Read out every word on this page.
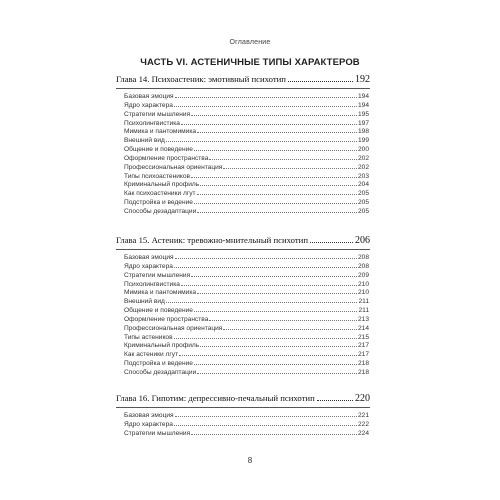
Оглавление
ЧАСТЬ VI. АСТЕНИЧНЫЕ ТИПЫ ХАРАКТЕРОВ
Глава 14. Психоастеник: эмотивный психотип	192
Базовая эмоция	194
Ядро характера	194
Стратегии мышления	195
Психолингвистика	197
Мимика и пантомимика	198
Внешний вид	199
Общение и поведение	200
Оформление пространства	202
Профессиональная ориентация	202
Типы психоастеников	203
Криминальный профиль	204
Как психоастеники лгут	205
Подстройка и ведение	205
Способы дезадаптации	205
Глава 15. Астеник: тревожно-мнительный психотип	206
Базовая эмоция	208
Ядро характера	208
Стратегии мышления	209
Психолингвистика	210
Мимика и пантомимика	210
Внешний вид	211
Общение и поведение	211
Оформление пространства	213
Профессиональная ориентация	214
Типы астеников	215
Криминальный профиль	217
Как астеники лгут	217
Подстройка и ведение	218
Способы дезадаптации	218
Глава 16. Гипотим: депрессивно-печальный психотип	220
Базовая эмоция	221
Ядро характера	222
Стратегии мышления	224
8
